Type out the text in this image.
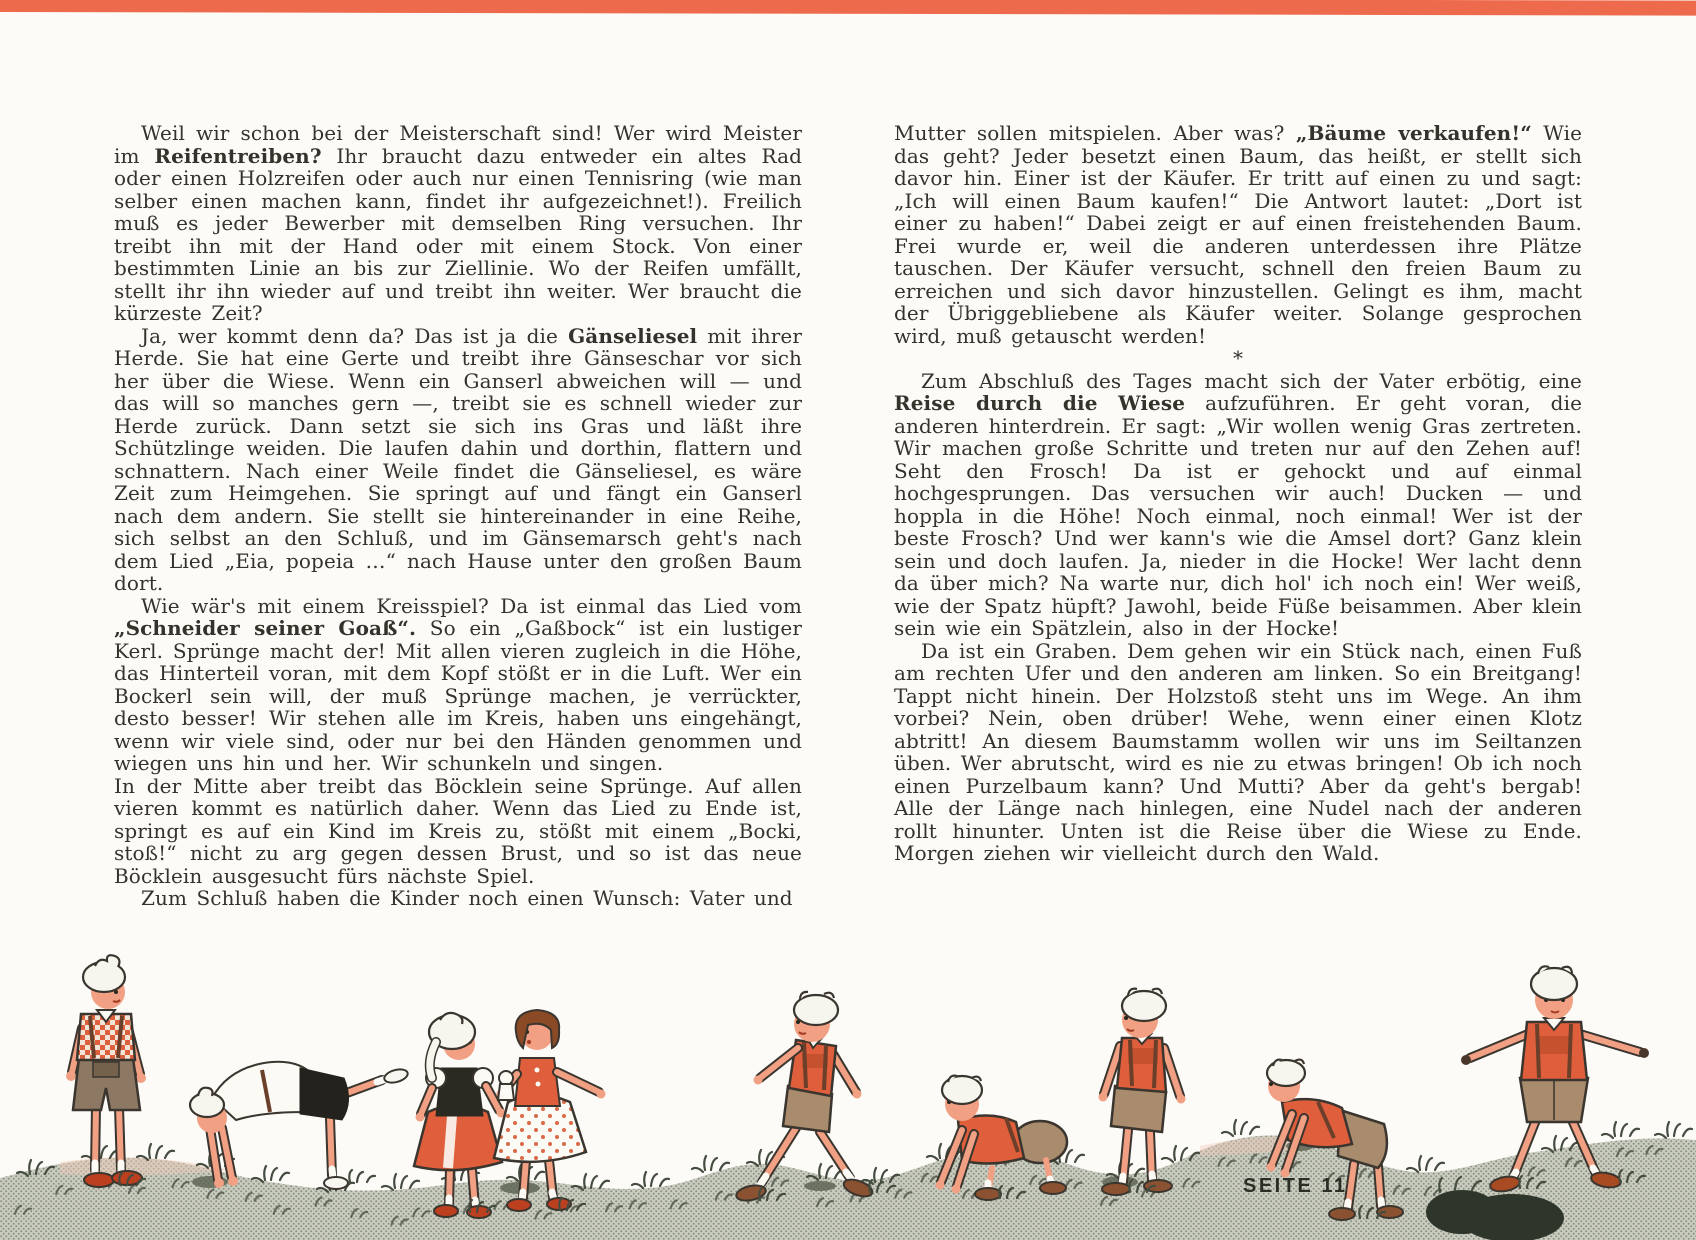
Weil wir schon bei der Meisterschaft sind! Wer wird Meister im Reifentreiben? Ihr braucht dazu entweder ein altes Rad oder einen Holzreifen oder auch nur einen Tennisring (wie man selber einen machen kann, findet ihr aufgezeichnet!). Freilich muß es jeder Bewerber mit demselben Ring versuchen. Ihr treibt ihn mit der Hand oder mit einem Stock. Von einer bestimmten Linie an bis zur Ziellinie. Wo der Reifen umfällt, stellt ihr ihn wieder auf und treibt ihn weiter. Wer braucht die kürzeste Zeit?

Ja, wer kommt denn da? Das ist ja die Gänseliesel mit ihrer Herde. Sie hat eine Gerte und treibt ihre Gänseschar vor sich her über die Wiese. Wenn ein Ganserl abweichen will — und das will so manches gern —, treibt sie es schnell wieder zur Herde zurück. Dann setzt sie sich ins Gras und läßt ihre Schützlinge weiden. Die laufen dahin und dorthin, flattern und schnattern. Nach einer Weile findet die Gänseliesel, es wäre Zeit zum Heimgehen. Sie springt auf und fängt ein Ganserl nach dem andern. Sie stellt sie hintereinander in eine Reihe, sich selbst an den Schluß, und im Gänsemarsch geht's nach dem Lied „Eia, popeia …“ nach Hause unter den großen Baum dort.

Wie wär's mit einem Kreisspiel? Da ist einmal das Lied vom „Schneider seiner Goaß“. So ein „Gaßbock“ ist ein lustiger Kerl. Sprünge macht der! Mit allen vieren zugleich in die Höhe, das Hinterteil voran, mit dem Kopf stößt er in die Luft. Wer ein Bockerl sein will, der muß Sprünge machen, je verrückter, desto besser! Wir stehen alle im Kreis, haben uns eingehängt, wenn wir viele sind, oder nur bei den Händen genommen und wiegen uns hin und her. Wir schunkeln und singen.

In der Mitte aber treibt das Böcklein seine Sprünge. Auf allen vieren kommt es natürlich daher. Wenn das Lied zu Ende ist, springt es auf ein Kind im Kreis zu, stößt mit einem „Bocki, stoß!“ nicht zu arg gegen dessen Brust, und so ist das neue Böcklein ausgesucht fürs nächste Spiel.

Zum Schluß haben die Kinder noch einen Wunsch: Vater und

Mutter sollen mitspielen. Aber was? „Bäume verkaufen!“ Wie das geht? Jeder besetzt einen Baum, das heißt, er stellt sich davor hin. Einer ist der Käufer. Er tritt auf einen zu und sagt: „Ich will einen Baum kaufen!“ Die Antwort lautet: „Dort ist einer zu haben!“ Dabei zeigt er auf einen freistehenden Baum. Frei wurde er, weil die anderen unterdessen ihre Plätze tauschen. Der Käufer versucht, schnell den freien Baum zu erreichen und sich davor hinzustellen. Gelingt es ihm, macht der Übriggebliebene als Käufer weiter. Solange gesprochen wird, muß getauscht werden!

*

Zum Abschluß des Tages macht sich der Vater erbötig, eine Reise durch die Wiese aufzuführen. Er geht voran, die anderen hinterdrein. Er sagt: „Wir wollen wenig Gras zertreten. Wir machen große Schritte und treten nur auf den Zehen auf! Seht den Frosch! Da ist er gehockt und auf einmal hochgesprungen. Das versuchen wir auch! Ducken — und hoppla in die Höhe! Noch einmal, noch einmal! Wer ist der beste Frosch? Und wer kann's wie die Amsel dort? Ganz klein sein und doch laufen. Ja, nieder in die Hocke! Wer lacht denn da über mich? Na warte nur, dich hol' ich noch ein! Wer weiß, wie der Spatz hüpft? Jawohl, beide Füße beisammen. Aber klein sein wie ein Spätzlein, also in der Hocke!

Da ist ein Graben. Dem gehen wir ein Stück nach, einen Fuß am rechten Ufer und den anderen am linken. So ein Breitgang! Tappt nicht hinein. Der Holzstoß steht uns im Wege. An ihm vorbei? Nein, oben drüber! Wehe, wenn einer einen Klotz abtritt! An diesem Baumstamm wollen wir uns im Seiltanzen üben. Wer abrutscht, wird es nie zu etwas bringen! Ob ich noch einen Purzelbaum kann? Und Mutti? Aber da geht's bergab! Alle der Länge nach hinlegen, eine Nudel nach der anderen rollt hinunter. Unten ist die Reise über die Wiese zu Ende. Morgen ziehen wir vielleicht durch den Wald.

SEITE 11
